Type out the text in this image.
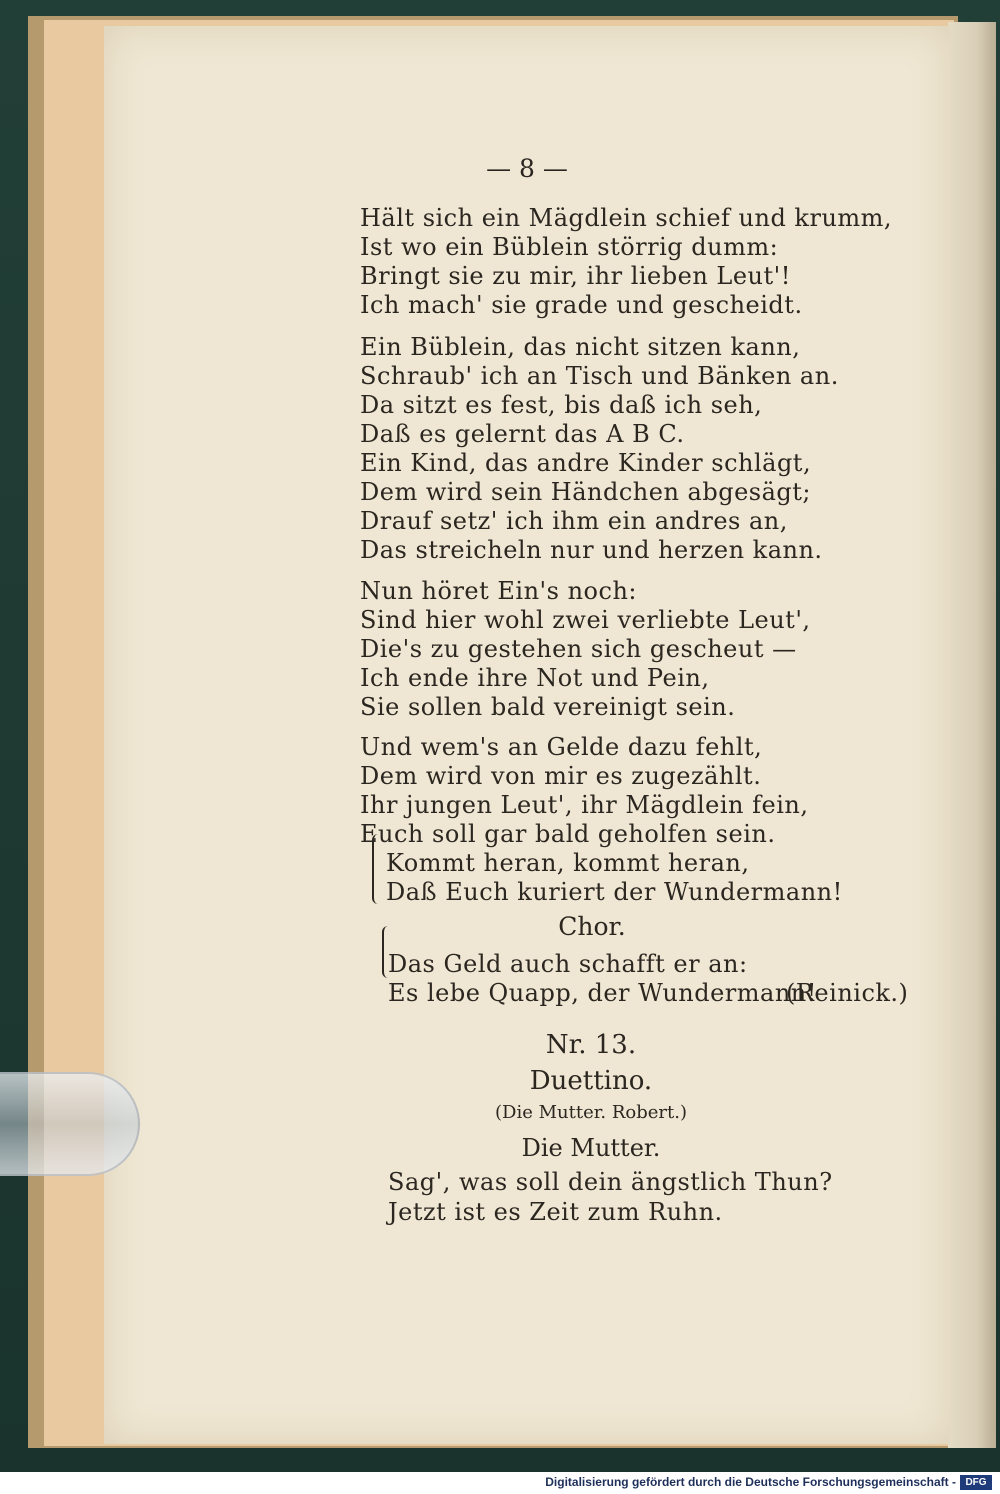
— 8 —

Hält sich ein Mägdlein schief und krumm,

Ist wo ein Büblein störrig dumm:

Bringt sie zu mir, ihr lieben Leut'!

Ich mach' sie grade und gescheidt.

Ein Büblein, das nicht sitzen kann,

Schraub' ich an Tisch und Bänken an.

Da sitzt es fest, bis daß ich seh,

Daß es gelernt das A B C.

Ein Kind, das andre Kinder schlägt,

Dem wird sein Händchen abgesägt;

Drauf setz' ich ihm ein andres an,

Das streicheln nur und herzen kann.

Nun höret Ein's noch:

Sind hier wohl zwei verliebte Leut',

Die's zu gestehen sich gescheut —

Ich ende ihre Not und Pein,

Sie sollen bald vereinigt sein.

Und wem's an Gelde dazu fehlt,

Dem wird von mir es zugezählt.

Ihr jungen Leut', ihr Mägdlein fein,

Euch soll gar bald geholfen sein.

Kommt heran, kommt heran,

Daß Euch kuriert der Wundermann!

Chor.

Das Geld auch schafft er an:

Es lebe Quapp, der Wundermann!

(Reinick.)

Nr. 13.

Duettino.

(Die Mutter. Robert.)

Die Mutter.

Sag', was soll dein ängstlich Thun?

Jetzt ist es Zeit zum Ruhn.

Digitalisierung gefördert durch die Deutsche Forschungsgemeinschaft - DFG
